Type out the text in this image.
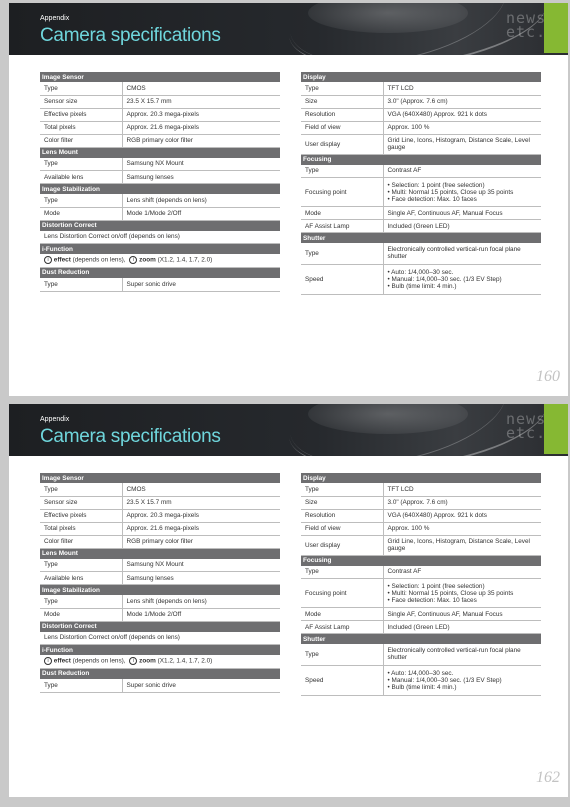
Appendix
Camera specifications
news
etc.
Image Sensor	
Type	CMOS
Sensor size	23.5 X 15.7 mm
Effective pixels	Approx. 20.3 mega-pixels
Total pixels	Approx. 21.6 mega-pixels
Color filter	RGB primary color filter
Lens Mount	
Type	Samsung NX Mount
Available lens	Samsung lenses
Image Stabilization	
Type	Lens shift (depends on lens)
Mode	Mode 1/Mode 2/Off
Distortion Correct	
Lens Distortion Correct on/off (depends on lens)	
i-Function	
i effect (depends on lens), i zoom (X1.2, 1.4, 1.7, 2.0)	
Dust Reduction	
Type	Super sonic drive
Display	
Type	TFT LCD
Size	3.0" (Approx. 7.6 cm)
Resolution	VGA (640X480) Approx. 921 k dots
Field of view	Approx. 100 %
User display	Grid Line, Icons, Histogram, Distance Scale, Level gauge
Focusing	
Type	Contrast AF
Focusing point	• Selection: 1 point (free selection)
• Multi: Normal 15 points, Close up 35 points
• Face detection: Max. 10 faces

Mode	Single AF, Continuous AF, Manual Focus
AF Assist Lamp	Included (Green LED)
Shutter	
Type	Electronically controlled vertical-run focal plane shutter
Speed	• Auto: 1/4,000–30 sec.
• Manual: 1/4,000–30 sec. (1/3 EV Step)
• Bulb (time limit: 4 min.)
160
Appendix
Camera specifications
news
etc.
Image Sensor	
Type	CMOS
Sensor size	23.5 X 15.7 mm
Effective pixels	Approx. 20.3 mega-pixels
Total pixels	Approx. 21.6 mega-pixels
Color filter	RGB primary color filter
Lens Mount	
Type	Samsung NX Mount
Available lens	Samsung lenses
Image Stabilization	
Type	Lens shift (depends on lens)
Mode	Mode 1/Mode 2/Off
Distortion Correct	
Lens Distortion Correct on/off (depends on lens)	
i-Function	
i effect (depends on lens), i zoom (X1.2, 1.4, 1.7, 2.0)	
Dust Reduction	
Type	Super sonic drive
Display	
Type	TFT LCD
Size	3.0" (Approx. 7.6 cm)
Resolution	VGA (640X480) Approx. 921 k dots
Field of view	Approx. 100 %
User display	Grid Line, Icons, Histogram, Distance Scale, Level gauge
Focusing	
Type	Contrast AF
Focusing point	• Selection: 1 point (free selection)
• Multi: Normal 15 points, Close up 35 points
• Face detection: Max. 10 faces

Mode	Single AF, Continuous AF, Manual Focus
AF Assist Lamp	Included (Green LED)
Shutter	
Type	Electronically controlled vertical-run focal plane shutter
Speed	• Auto: 1/4,000–30 sec.
• Manual: 1/4,000–30 sec. (1/3 EV Step)
• Bulb (time limit: 4 min.)
162
